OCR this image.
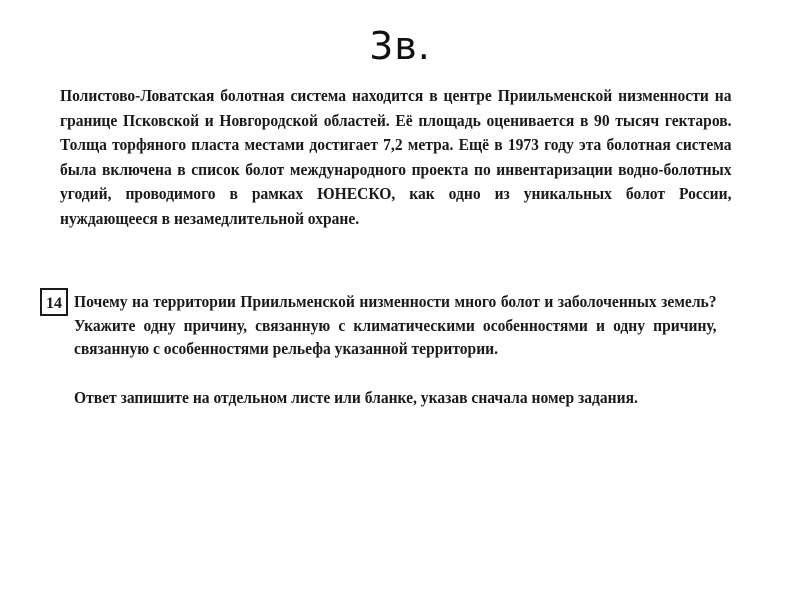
3в.

Полистово-Ловатская болотная система находится в центре Приильменской низменности на границе Псковской и Новгородской областей. Её площадь оценивается в 90 тысяч гектаров. Толща торфяного пласта местами достигает 7,2 метра. Ещё в 1973 году эта болотная система была включена в список болот международного проекта по инвентаризации водно-болотных угодий, проводимого в рамках ЮНЕСКО, как одно из уникальных болот России, нуждающееся в незамедлительной охране.

14 Почему на территории Приильменской низменности много болот и заболоченных земель? Укажите одну причину, связанную с климатическими особенностями и одну причину, связанную с особенностями рельефа указанной территории.

Ответ запишите на отдельном листе или бланке, указав сначала номер задания.
